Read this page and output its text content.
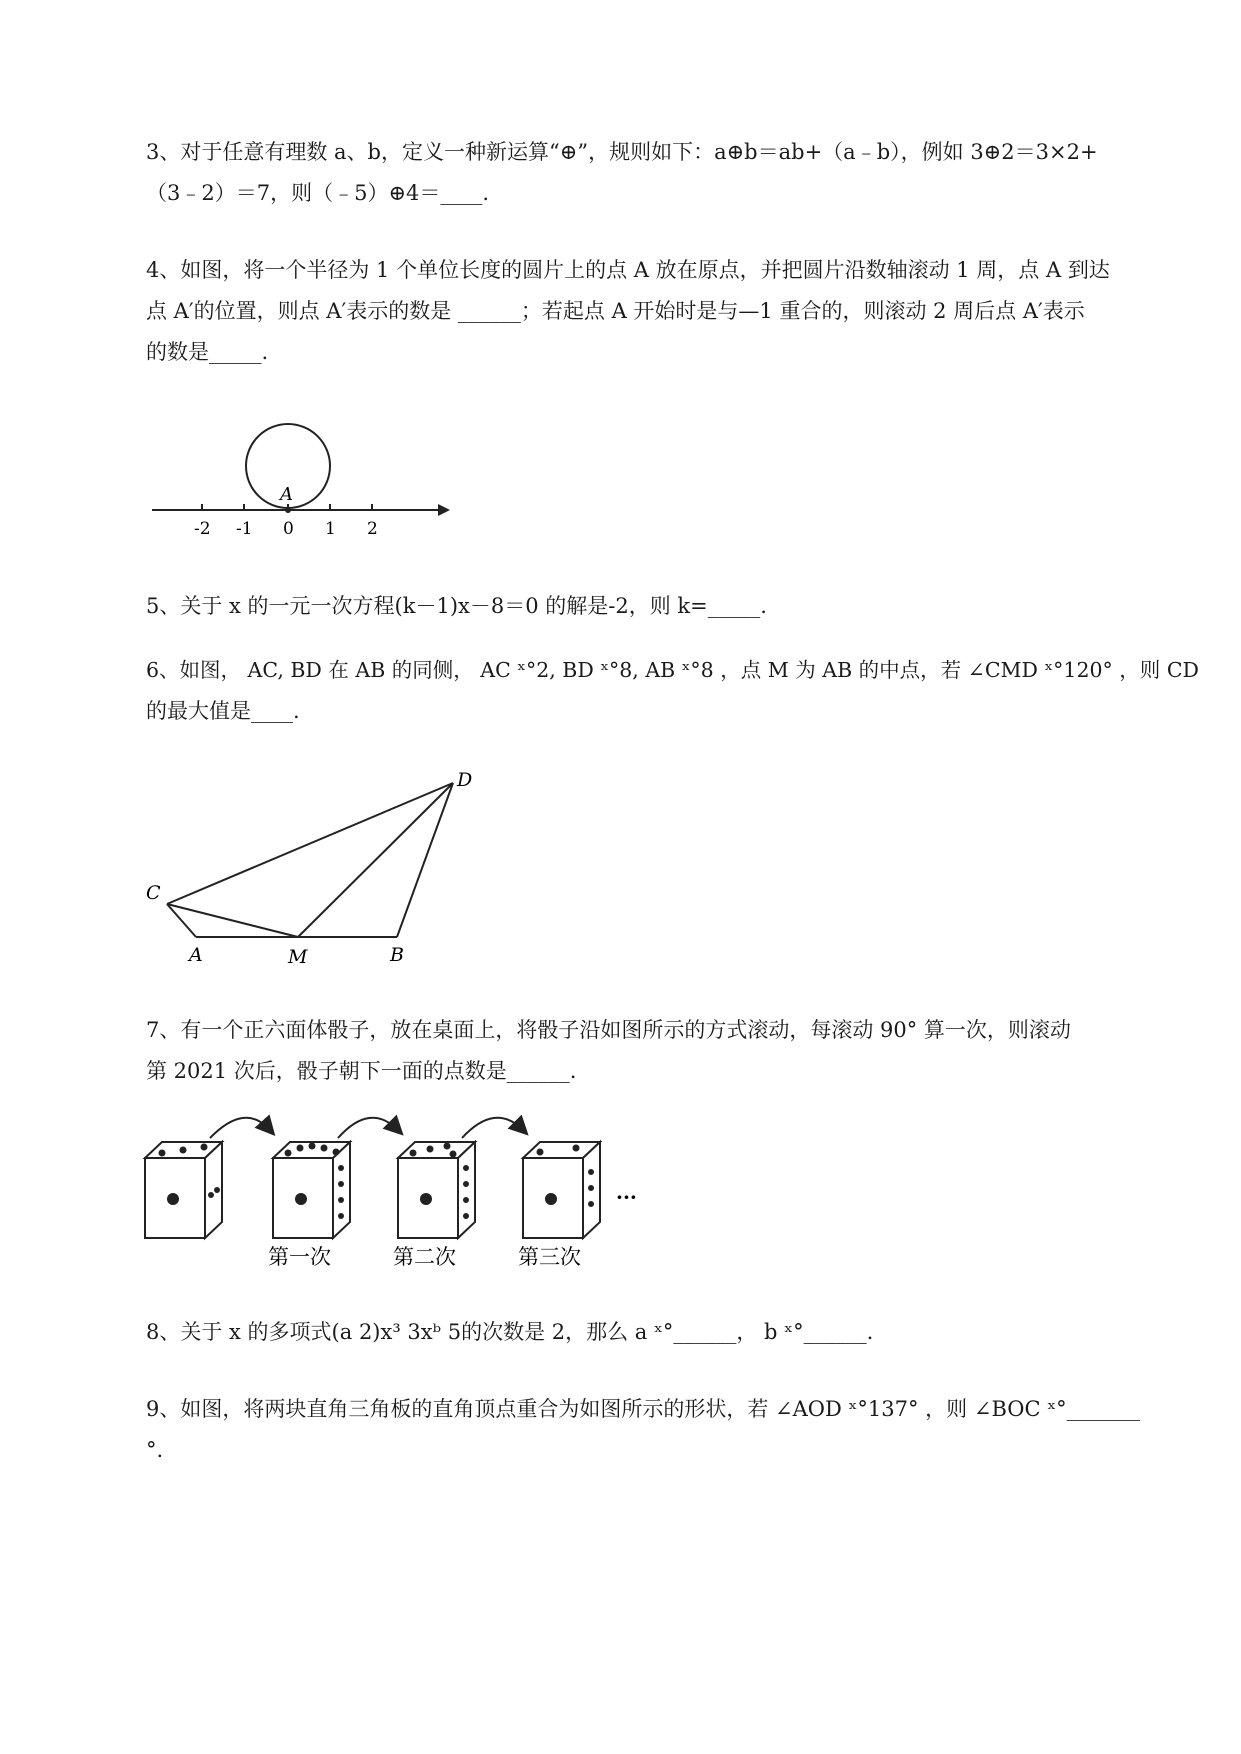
3、对于任意有理数 a、b，定义一种新运算“⊕”，规则如下：a⊕b＝ab+（a﹣b），例如 3⊕2＝3×2+
（3﹣2）＝7，则（﹣5）⊕4＝____.
4、如图，将一个半径为 1 个单位长度的圆片上的点 A 放在原点，并把圆片沿数轴滚动 1 周，点 A 到达
点 A′的位置，则点 A′表示的数是 ______；若起点 A 开始时是与—1 重合的，则滚动 2 周后点 A′表示
的数是_____.
A
-2 -1 0 1 2
5、关于 x 的一元一次方程(k－1)x－8＝0 的解是-2，则 k=_____.
6、如图， AC, BD 在 AB 的同侧， AC ˣ°2, BD ˣ°8, AB ˣ°8 ，点 M 为 AB 的中点，若 ∠CMD ˣ°120° ，则 CD
的最大值是____.
C
D
A	M	B
7、有一个正六面体骰子，放在桌面上，将骰子沿如图所示的方式滚动，每滚动 90° 算一次，则滚动
第 2021 次后，骰子朝下一面的点数是______.
···
第一次	第二次	第三次
8、关于 x 的多项式(a 2)x³ 3xᵇ 5的次数是 2，那么 a ˣ°______， b ˣ°______.
9、如图，将两块直角三角板的直角顶点重合为如图所示的形状，若 ∠AOD ˣ°137° ，则 ∠BOC ˣ°_______
°.
